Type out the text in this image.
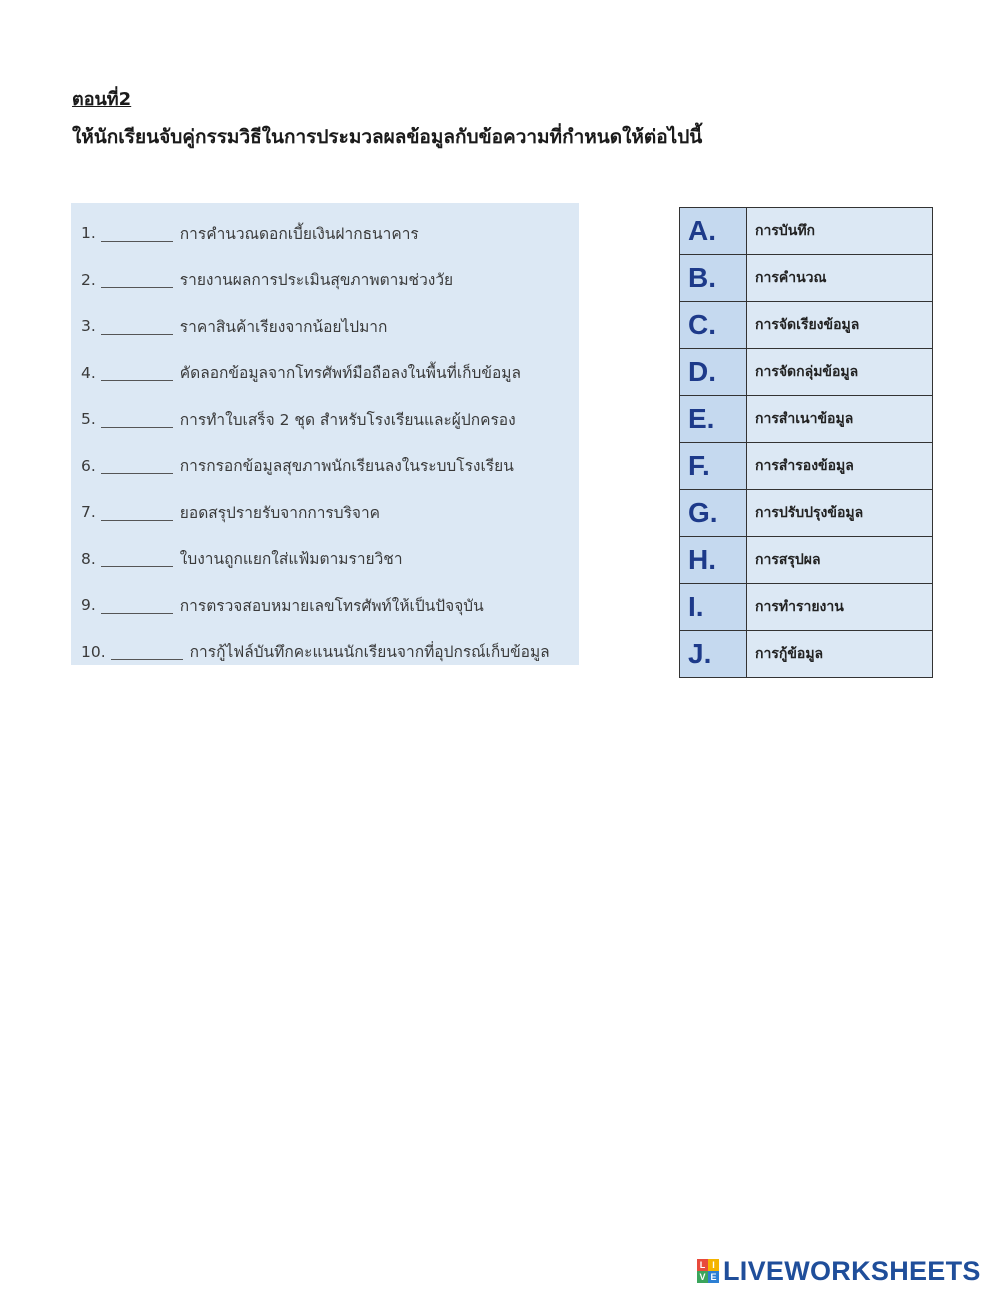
ตอนที่2
ให้นักเรียนจับคู่กรรมวิธีในการประมวลผลข้อมูลกับข้อความที่กำหนดให้ต่อไปนี้
1.	การคำนวณดอกเบี้ยเงินฝากธนาคาร
2.	รายงานผลการประเมินสุขภาพตามช่วงวัย
3.	ราคาสินค้าเรียงจากน้อยไปมาก
4.	คัดลอกข้อมูลจากโทรศัพท์มือถือลงในพื้นที่เก็บข้อมูล
5.	การทำใบเสร็จ 2 ชุด สำหรับโรงเรียนและผู้ปกครอง
6.	การกรอกข้อมูลสุขภาพนักเรียนลงในระบบโรงเรียน
7.	ยอดสรุปรายรับจากการบริจาค
8.	ใบงานถูกแยกใส่แฟ้มตามรายวิชา
9.	การตรวจสอบหมายเลขโทรศัพท์ให้เป็นปัจจุบัน
10.	การกู้ไฟล์บันทึกคะแนนนักเรียนจากที่อุปกรณ์เก็บข้อมูล
A.	การบันทึก
B.	การคำนวณ
C.	การจัดเรียงข้อมูล
D.	การจัดกลุ่มข้อมูล
E.	การสำเนาข้อมูล
F.	การสำรองข้อมูล
G.	การปรับปรุงข้อมูล
H.	การสรุปผล
I.	การทำรายงาน
J.	การกู้ข้อมูล
L I
V E LIVEWORKSHEETS
